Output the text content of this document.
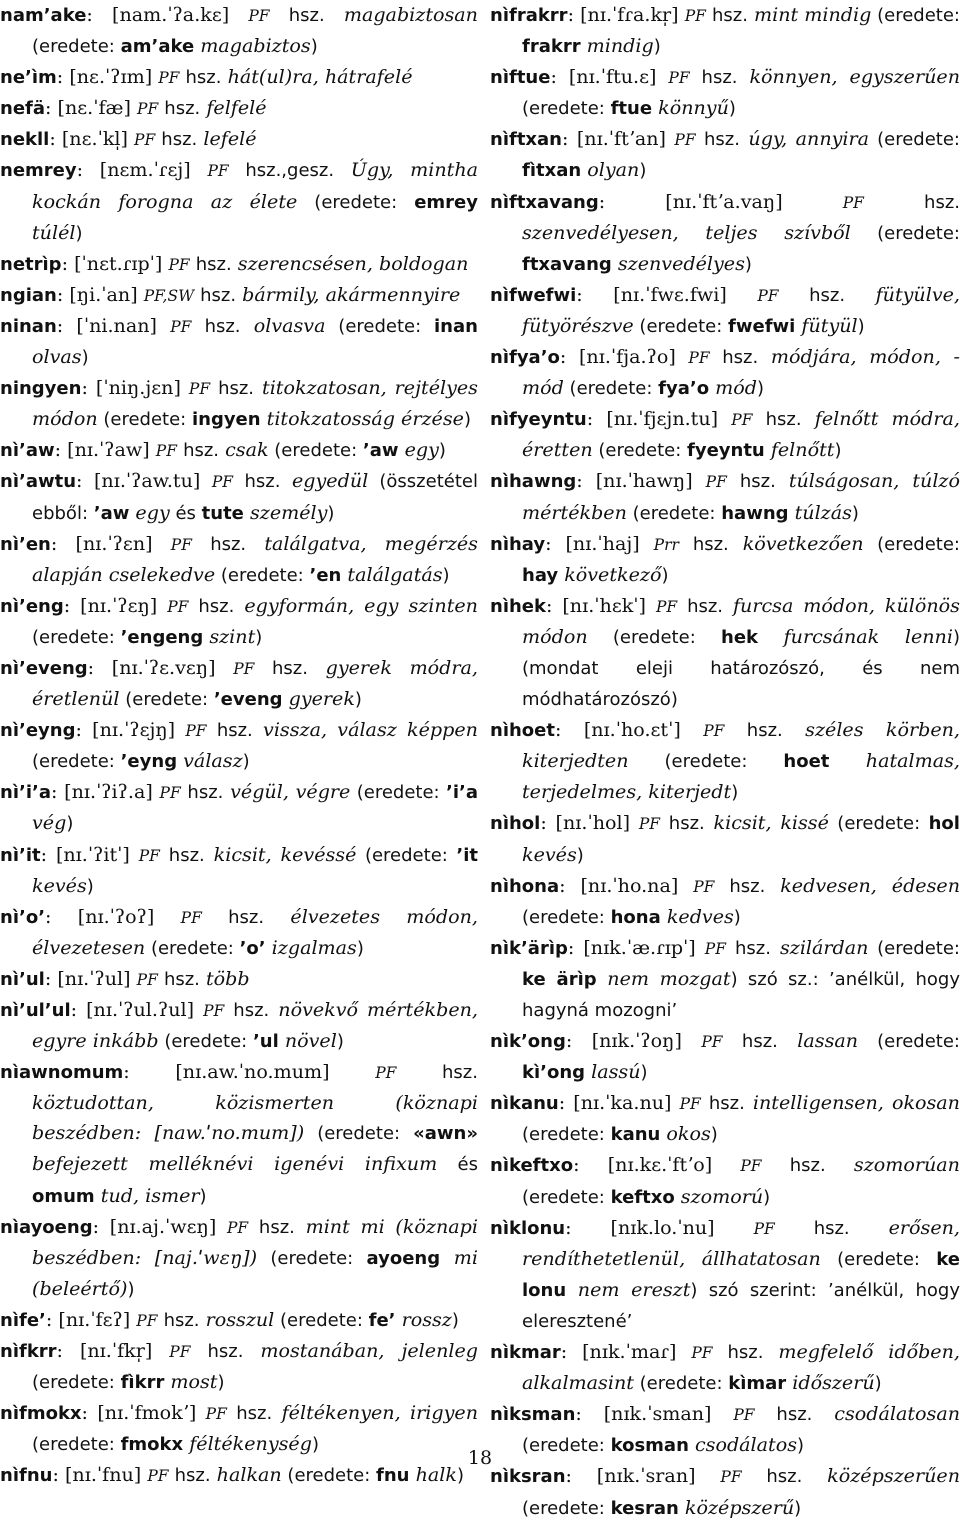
nam’ake: [nam.ˈʔa.kɛ] PF hsz. magabiztosan (eredete: am’ake magabiztos)

ne’ìm: [nɛ.ˈʔɪm] PF hsz. hát(ul)ra, hátrafelé

nefä: [nɛ.ˈfæ] PF hsz. felfelé

nekll: [nɛ.ˈkl̩] PF hsz. lefelé

nemrey: [nɛm.ˈɾɛj] PF hsz.,gesz. Úgy, mintha kockán forogna az élete (eredete: emrey túlél)

netrìp: [ˈnɛt.ɾɪpˈ] PF hsz. szerencsésen, boldogan

ngian: [ŋi.ˈan] PF,SW hsz. bármily, akármennyire

ninan: [ˈni.nan] PF hsz. olvasva (eredete: inan olvas)

ningyen: [ˈniŋ.jɛn] PF hsz. titokzatosan, rejtélyes módon (eredete: ingyen titokzatosság érzése)

nì’aw: [nɪ.ˈʔaw] PF hsz. csak (eredete: ’aw egy)

nì’awtu: [nɪ.ˈʔaw.tu] PF hsz. egyedül (összetétel ebből: ’aw egy és tute személy)

nì’en: [nɪ.ˈʔɛn] PF hsz. találgatva, megérzés alapján cselekedve (eredete: ’en találgatás)

nì’eng: [nɪ.ˈʔɛŋ] PF hsz. egyformán, egy szinten (eredete: ’engeng szint)

nì’eveng: [nɪ.ˈʔɛ.vɛŋ] PF hsz. gyerek módra, éretlenül (eredete: ’eveng gyerek)

nì’eyng: [nɪ.ˈʔɛjŋ] PF hsz. vissza, válasz képpen (eredete: ’eyng válasz)

nì’i’a: [nɪ.ˈʔiʔ.a] PF hsz. végül, végre (eredete: ’i’a vég)

nì’it: [nɪ.ˈʔitˈ] PF hsz. kicsit, kevéssé (eredete: ’it kevés)

nì’o’: [nɪ.ˈʔoʔ] PF hsz. élvezetes módon, élvezetesen (eredete: ’o’ izgalmas)

nì’ul: [nɪ.ˈʔul] PF hsz. több

nì’ul’ul: [nɪ.ˈʔul.ʔul] PF hsz. növekvő mértékben, egyre inkább (eredete: ’ul növel)

nìawnomum: [nɪ.aw.ˈno.mum]	PF	hsz. köztudottan, közismerten (köznapi beszédben: [naw.ˈno.mum]) (eredete: «awn» befejezett melléknévi igenévi infixum és omum tud, ismer)

nìayoeng: [nɪ.aj.ˈwɛŋ] PF hsz. mint mi (köznapi beszédben: [naj.ˈwɛŋ]) (eredete: ayoeng mi (beleértő))

nìfe’: [nɪ.ˈfɛʔ] PF hsz. rosszul (eredete: fe’ rossz)

nìfkrr: [nɪ.ˈfkr̩] PF hsz. mostanában, jelenleg (eredete: fìkrr most)

nìfmokx: [nɪ.ˈfmokʼ] PF hsz. féltékenyen, irigyen (eredete: fmokx féltékenység)

nìfnu: [nɪ.ˈfnu] PF hsz. halkan (eredete: fnu halk)

nìfrakrr: [nɪ.ˈfɾa.kr̩] PF hsz. mint mindig (eredete: frakrr mindig)

nìftue: [nɪ.ˈftu.ɛ] PF hsz. könnyen, egyszerűen (eredete: ftue könnyű)

nìftxan: [nɪ.ˈftʼan] PF hsz. úgy, annyira (eredete: fìtxan olyan)

nìftxavang: [nɪ.ˈftʼa.vaŋ]	PF	hsz. szenvedélyesen, teljes szívből (eredete: ftxavang szenvedélyes)

nìfwefwi: [nɪ.ˈfwɛ.fwi] PF hsz. fütyülve, fütyörészve (eredete: fwefwi fütyül)

nìfya’o: [nɪ.ˈfja.ʔo] PF hsz. módjára, módon, -mód (eredete: fya’o mód)

nìfyeyntu: [nɪ.ˈfjɛjn.tu] PF hsz. felnőtt módra, éretten (eredete: fyeyntu felnőtt)

nìhawng: [nɪ.ˈhawŋ] PF hsz. túlságosan, túlzó mértékben (eredete: hawng túlzás)

nìhay: [nɪ.ˈhaj] Prr hsz. következően (eredete: hay következő)

nìhek: [nɪ.ˈhɛkˈ] PF hsz. furcsa módon, különös módon (eredete: hek furcsának lenni) (mondat eleji határozószó, és nem módhatározószó)

nìhoet: [nɪ.ˈho.ɛtˈ] PF hsz. széles körben, kiterjedten (eredete: hoet hatalmas, terjedelmes, kiterjedt)

nìhol: [nɪ.ˈhol] PF hsz. kicsit, kissé (eredete: hol kevés)

nìhona: [nɪ.ˈho.na] PF hsz. kedvesen, édesen (eredete: hona kedves)

nìk’ärìp: [nɪk.ˈæ.ɾɪpˈ] PF hsz. szilárdan (eredete: ke ärìp nem mozgat) szó sz.: ’anélkül, hogy hagyná mozogni’

nìk’ong: [nɪk.ˈʔoŋ] PF hsz. lassan (eredete: kì’ong lassú)

nìkanu: [nɪ.ˈka.nu] PF hsz. intelligensen, okosan (eredete: kanu okos)

nìkeftxo: [nɪ.kɛ.ˈftʼo] PF hsz. szomorúan (eredete: keftxo szomorú)

nìklonu: [nɪk.lo.ˈnu]	PF hsz. erősen, rendíthetetlenül, állhatatosan (eredete: ke lonu nem ereszt) szó szerint: ’anélkül, hogy eleresztené’

nìkmar: [nɪk.ˈmaɾ] PF hsz. megfelelő időben, alkalmasint (eredete: kìmar időszerű)

nìksman: [nɪk.ˈsman] PF hsz. csodálatosan (eredete: kosman csodálatos)

nìksran: [nɪk.ˈsran] PF hsz. középszerűen (eredete: kesran középszerű)

18
